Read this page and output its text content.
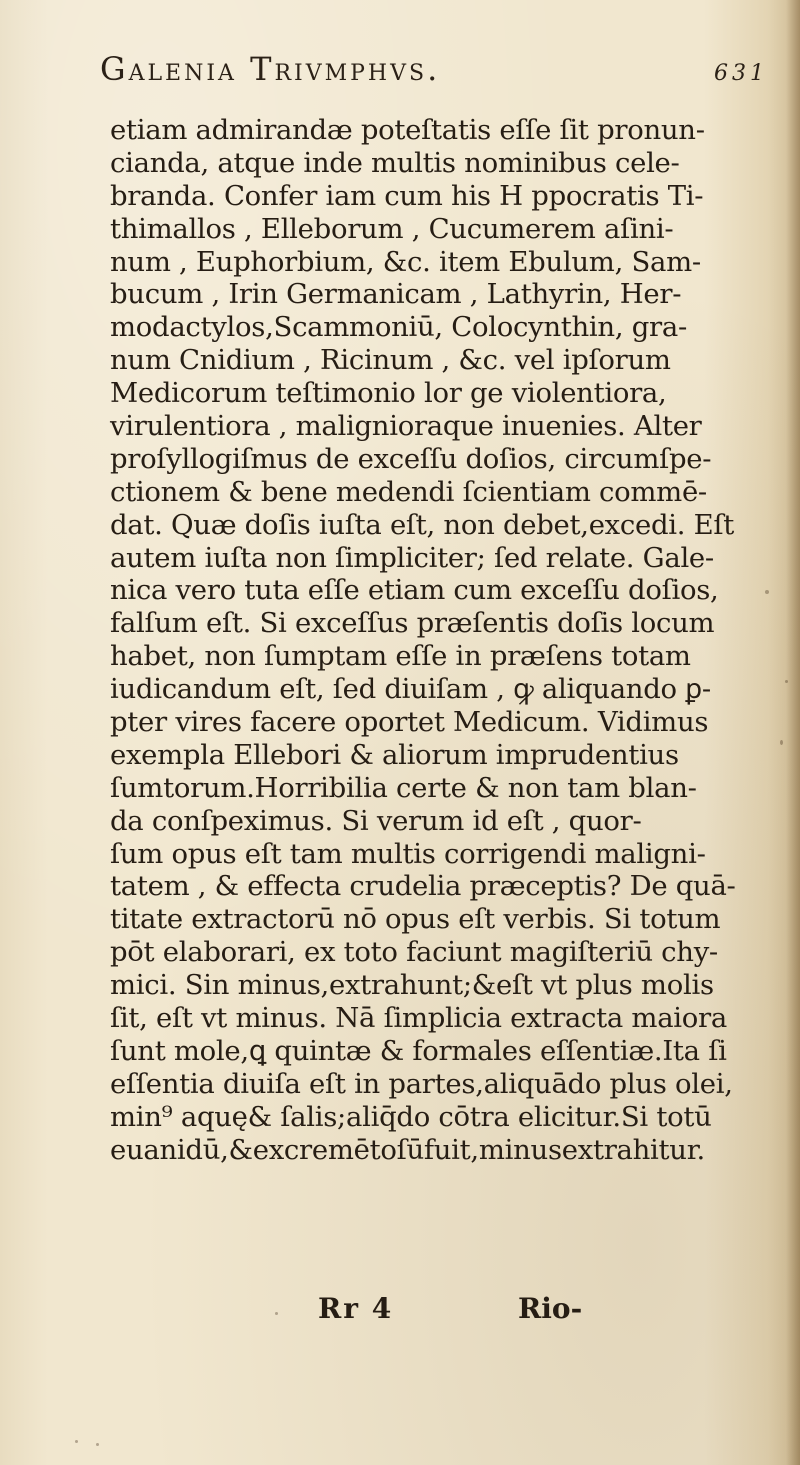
Galenia Trivmphvs.	631
etiam admirandæ poteſtatis eſſe ſit pronun-
cianda, atque inde multis nominibus cele-
branda. Confer iam cum his H ppocratis Ti-
thimallos , Elleborum , Cucumerem aſini-
num , Euphorbium, &c. item Ebulum, Sam-
bucum , Irin Germanicam , Lathyrin, Her-
modactylos,Scammoniū, Colocynthin, gra-
num Cnidium , Ricinum , &c. vel ipſorum
Medicorum teſtimonio lor ge violentiora,
virulentiora , malignioraque inuenies. Alter
proſyllogiſmus de exceſſu doſios, circumſpe-
ctionem & bene medendi ſcientiam commē-
dat. Quæ doſis iuſta eſt, non debet,excedi. Eſt
autem iuſta non ſimpliciter; ſed relate. Gale-
nica vero tuta eſſe etiam cum exceſſu doſios,
falſum eſt. Si exceſſus præſentis doſis locum
habet, non ſumptam eſſe in præſens totam
iudicandum eſt, ſed diuiſam , ꝙ aliquando ꝑ-
pter vires facere oportet Medicum. Vidimus
exempla Ellebori & aliorum imprudentius
ſumtorum.Horribilia certe & non tam blan-
da conſpeximus. Si verum id eſt , quor-
ſum opus eſt tam multis corrigendi maligni-
tatem , & effecta crudelia præceptis? De quā-
titate extractorū nō opus eſt verbis. Si totum
pōt elaborari, ex toto faciunt magiſteriū chy-
mici. Sin minus,extrahunt;&eſt vt plus molis
ſit, eſt vt minus. Nā ſimplicia extracta maiora
ſunt mole,ꝗ quintæ & formales eſſentiæ.Ita ſi
eſſentia diuiſa eſt in partes,aliquādo plus olei,
min⁹ aquę& ſalis;aliq̄do cōtra elicitur.Si totū
euanidū,&excremētoſūfuit,minusextrahitur.
Rr 4	Rio-
